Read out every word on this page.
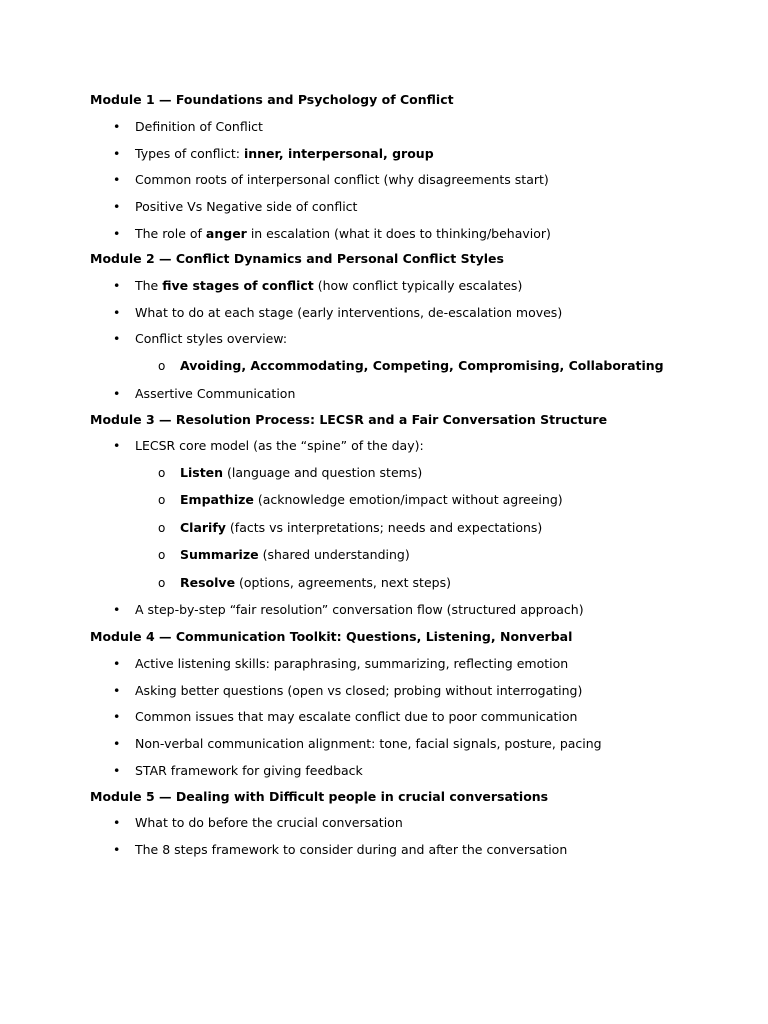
Module 1 — Foundations and Psychology of Conflict
• Definition of Conflict
• Types of conflict: inner, interpersonal, group
• Common roots of interpersonal conflict (why disagreements start)
• Positive Vs Negative side of conflict
• The role of anger in escalation (what it does to thinking/behavior)
Module 2 — Conflict Dynamics and Personal Conflict Styles
• The five stages of conflict (how conflict typically escalates)
• What to do at each stage (early interventions, de-escalation moves)
• Conflict styles overview:
o	Avoiding, Accommodating, Competing, Compromising, Collaborating
• Assertive Communication
Module 3 — Resolution Process: LECSR and a Fair Conversation Structure
• LECSR core model (as the “spine” of the day):
o	Listen (language and question stems)
o	Empathize (acknowledge emotion/impact without agreeing)
o	Clarify (facts vs interpretations; needs and expectations)
o	Summarize (shared understanding)
o	Resolve (options, agreements, next steps)
• A step-by-step “fair resolution” conversation flow (structured approach)
Module 4 — Communication Toolkit: Questions, Listening, Nonverbal
• Active listening skills: paraphrasing, summarizing, reflecting emotion
• Asking better questions (open vs closed; probing without interrogating)
• Common issues that may escalate conflict due to poor communication
• Non-verbal communication alignment: tone, facial signals, posture, pacing
• STAR framework for giving feedback
Module 5 — Dealing with Difficult people in crucial conversations
• What to do before the crucial conversation
• The 8 steps framework to consider during and after the conversation
